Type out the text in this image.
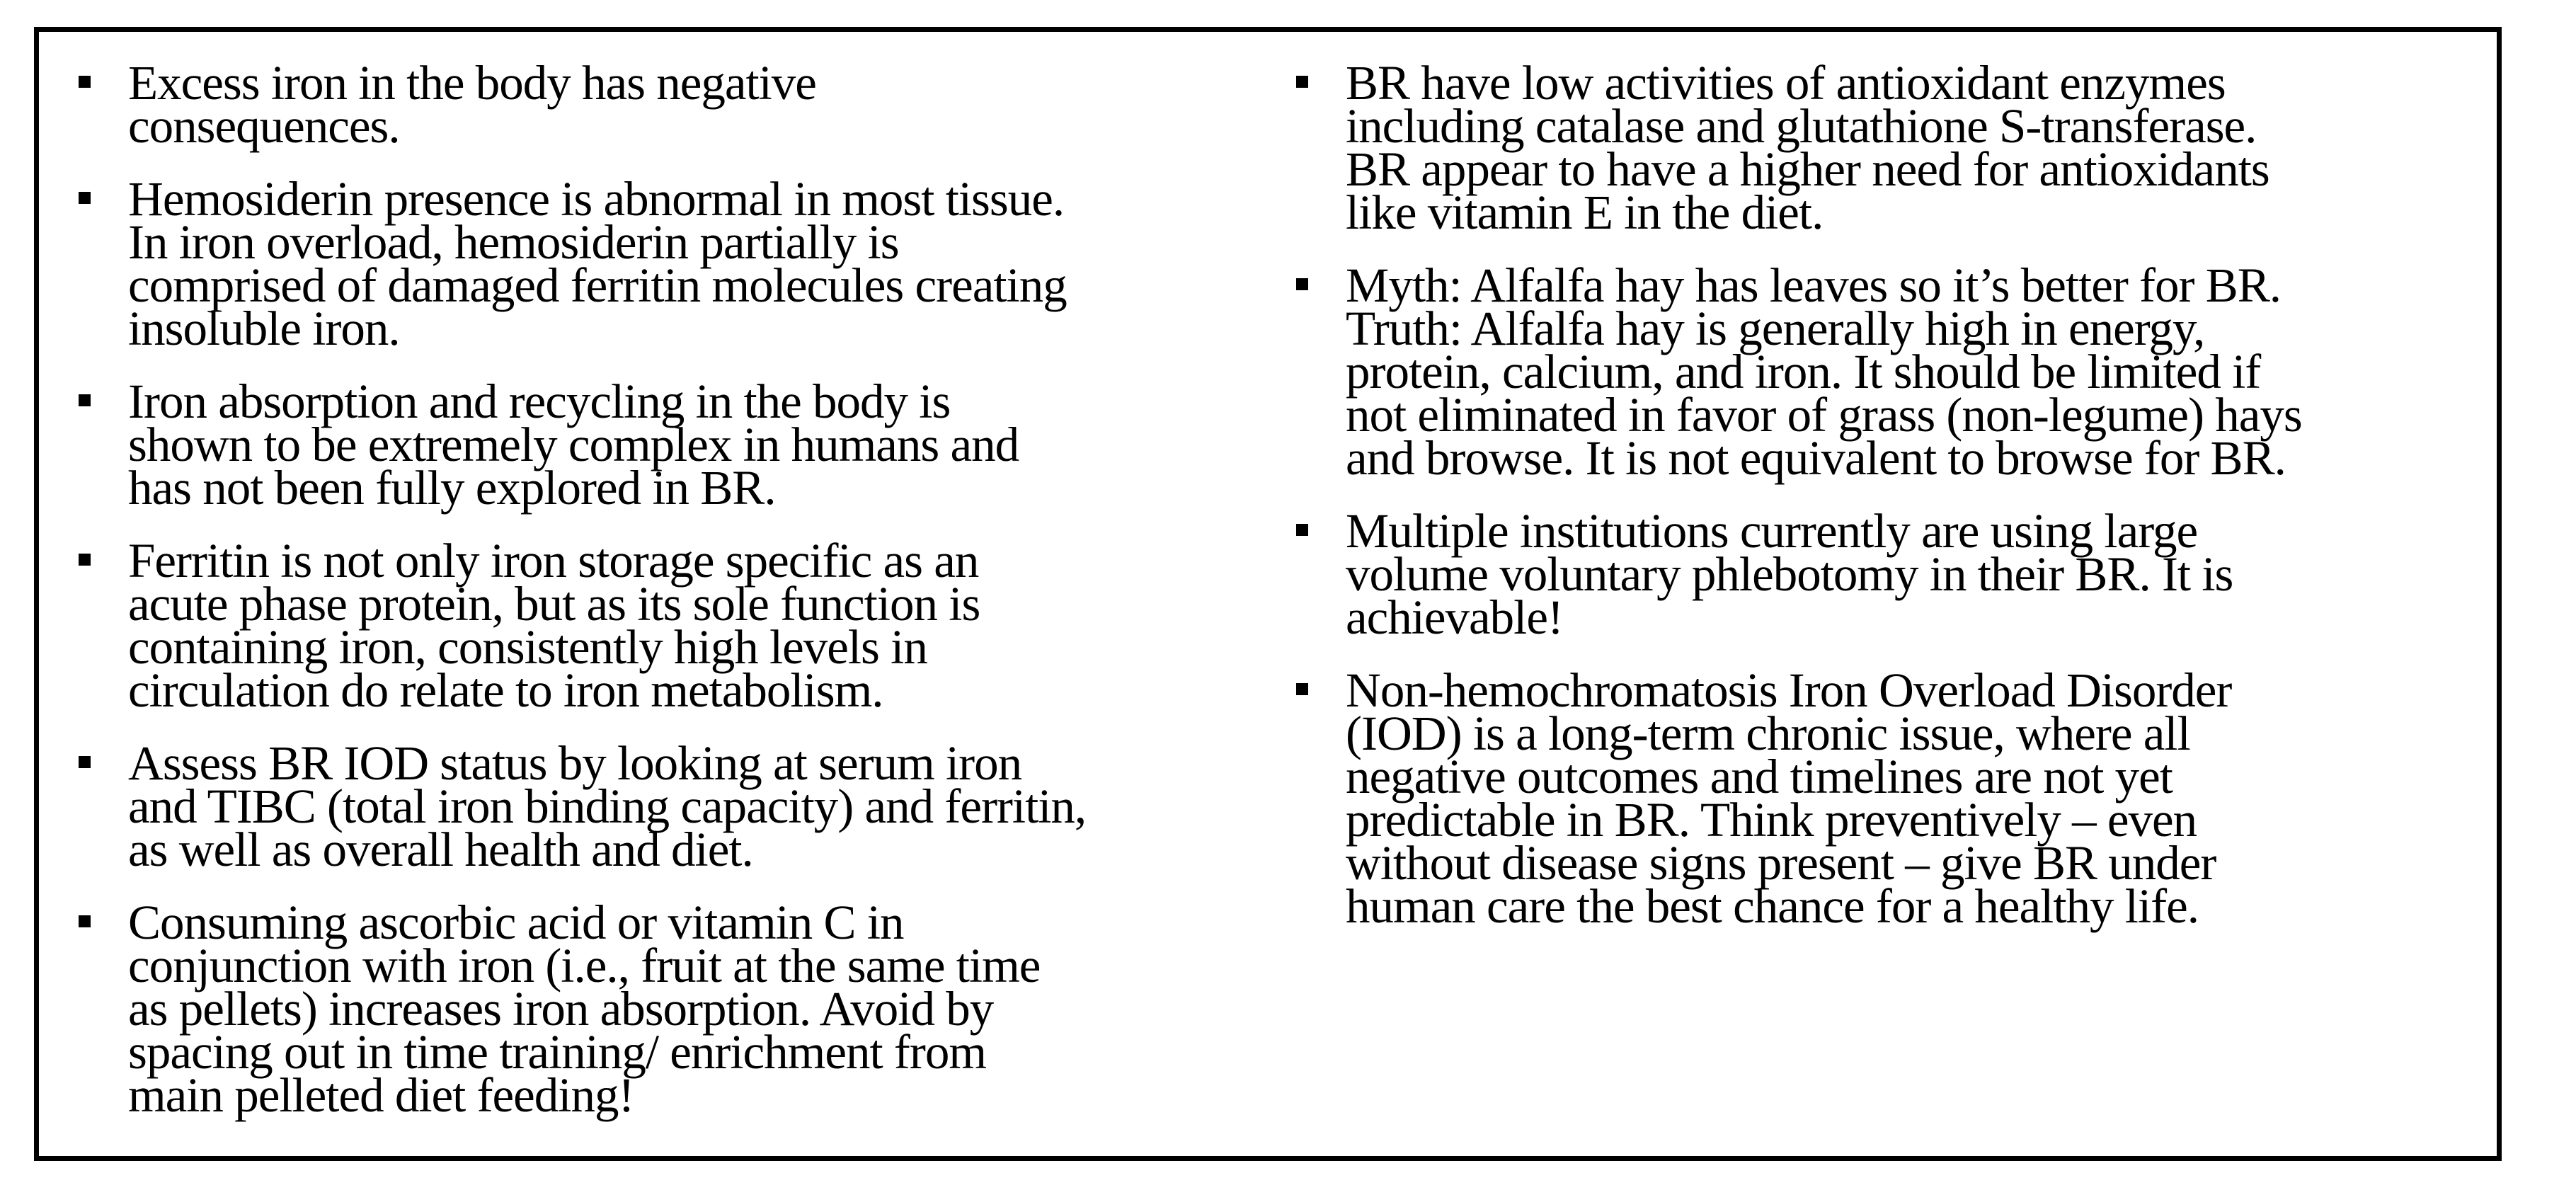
Excess iron in the body has negative
consequences.
Hemosiderin presence is abnormal in most tissue.
In iron overload, hemosiderin partially is
comprised of damaged ferritin molecules creating
insoluble iron.
Iron absorption and recycling in the body is
shown to be extremely complex in humans and
has not been fully explored in BR.
Ferritin is not only iron storage specific as an
acute phase protein, but as its sole function is
containing iron, consistently high levels in
circulation do relate to iron metabolism.
Assess BR IOD status by looking at serum iron
and TIBC (total iron binding capacity) and ferritin,
as well as overall health and diet.
Consuming ascorbic acid or vitamin C in
conjunction with iron (i.e., fruit at the same time
as pellets) increases iron absorption. Avoid by
spacing out in time training/ enrichment from
main pelleted diet feeding!
BR have low activities of antioxidant enzymes
including catalase and glutathione S-transferase.
BR appear to have a higher need for antioxidants
like vitamin E in the diet.
Myth: Alfalfa hay has leaves so it’s better for BR.
Truth: Alfalfa hay is generally high in energy,
protein, calcium, and iron. It should be limited if
not eliminated in favor of grass (non-legume) hays
and browse. It is not equivalent to browse for BR.
Multiple institutions currently are using large
volume voluntary phlebotomy in their BR. It is
achievable!
Non-hemochromatosis Iron Overload Disorder
(IOD) is a long-term chronic issue, where all
negative outcomes and timelines are not yet
predictable in BR. Think preventively – even
without disease signs present – give BR under
human care the best chance for a healthy life.
